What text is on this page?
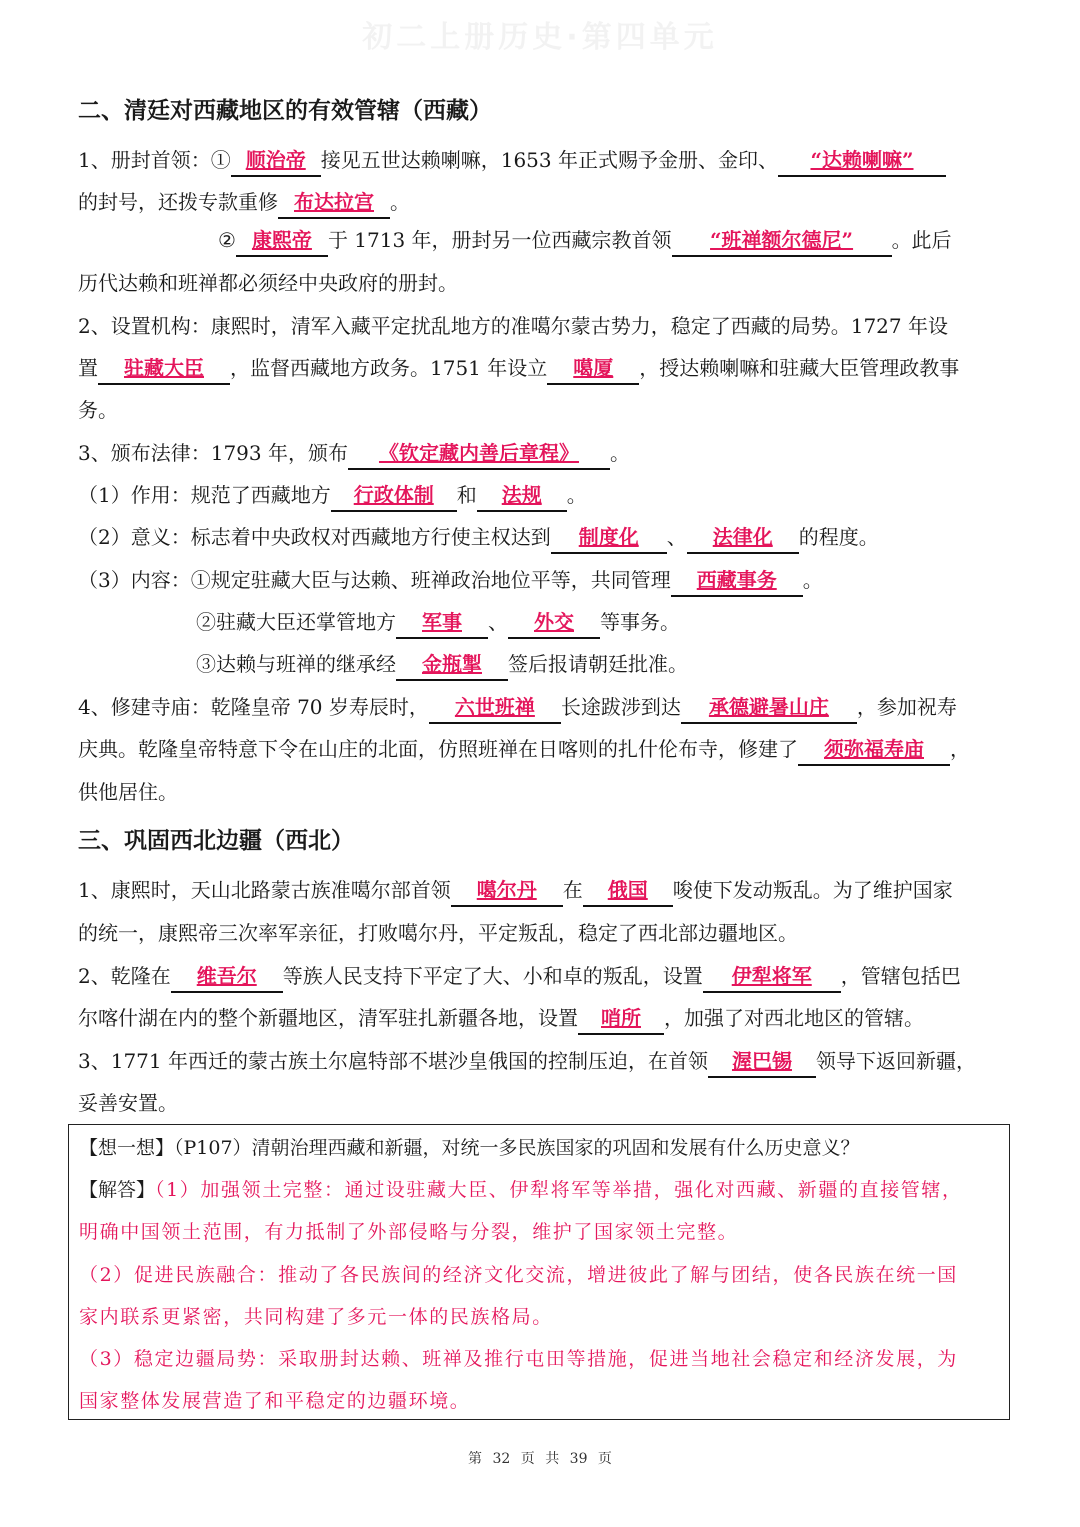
初二上册历史·第四单元
二、清廷对西藏地区的有效管辖（西藏）
1、册封首领：① 顺治帝 接见五世达赖喇嘛，1653 年正式赐予金册、金印、 “达赖喇嘛”
的封号，还拨专款重修 布达拉宫 。
② 康熙帝 于 1713 年，册封另一位西藏宗教首领 “班禅额尔德尼” 。此后
历代达赖和班禅都必须经中央政府的册封。
2、设置机构：康熙时，清军入藏平定扰乱地方的准噶尔蒙古势力，稳定了西藏的局势。1727 年设
置 驻藏大臣 ，监督西藏地方政务。1751 年设立 噶厦 ，授达赖喇嘛和驻藏大臣管理政教事
务。
3、颁布法律：1793 年，颁布 《钦定藏内善后章程》 。
（1）作用：规范了西藏地方 行政体制 和 法规 。
（2）意义：标志着中央政权对西藏地方行使主权达到 制度化 、 法律化 的程度。
（3）内容：①规定驻藏大臣与达赖、班禅政治地位平等，共同管理 西藏事务 。
②驻藏大臣还掌管地方 军事 、 外交 等事务。
③达赖与班禅的继承经 金瓶掣 签后报请朝廷批准。
4、修建寺庙：乾隆皇帝 70 岁寿辰时， 六世班禅 长途跋涉到达 承德避暑山庄 ，参加祝寿
庆典。乾隆皇帝特意下令在山庄的北面，仿照班禅在日喀则的扎什伦布寺，修建了 须弥福寿庙 ，
供他居住。
三、巩固西北边疆（西北）
1、康熙时，天山北路蒙古族准噶尔部首领 噶尔丹 在 俄国 唆使下发动叛乱。为了维护国家
的统一，康熙帝三次率军亲征，打败噶尔丹，平定叛乱，稳定了西北部边疆地区。
2、乾隆在 维吾尔 等族人民支持下平定了大、小和卓的叛乱，设置 伊犁将军 ，管辖包括巴
尔喀什湖在内的整个新疆地区，清军驻扎新疆各地，设置 哨所 ，加强了对西北地区的管辖。
3、1771 年西迁的蒙古族土尔扈特部不堪沙皇俄国的控制压迫，在首领 渥巴锡 领导下返回新疆，
妥善安置。
【想一想】（P107）清朝治理西藏和新疆，对统一多民族国家的巩固和发展有什么历史意义？
【解答】（1）加强领土完整：通过设驻藏大臣、伊犁将军等举措，强化对西藏、新疆的直接管辖，
明确中国领土范围，有力抵制了外部侵略与分裂，维护了国家领土完整。
（2）促进民族融合：推动了各民族间的经济文化交流，增进彼此了解与团结，使各民族在统一国
家内联系更紧密，共同构建了多元一体的民族格局。
（3）稳定边疆局势：采取册封达赖、班禅及推行屯田等措施，促进当地社会稳定和经济发展，为
国家整体发展营造了和平稳定的边疆环境。
第 32 页 共 39 页
